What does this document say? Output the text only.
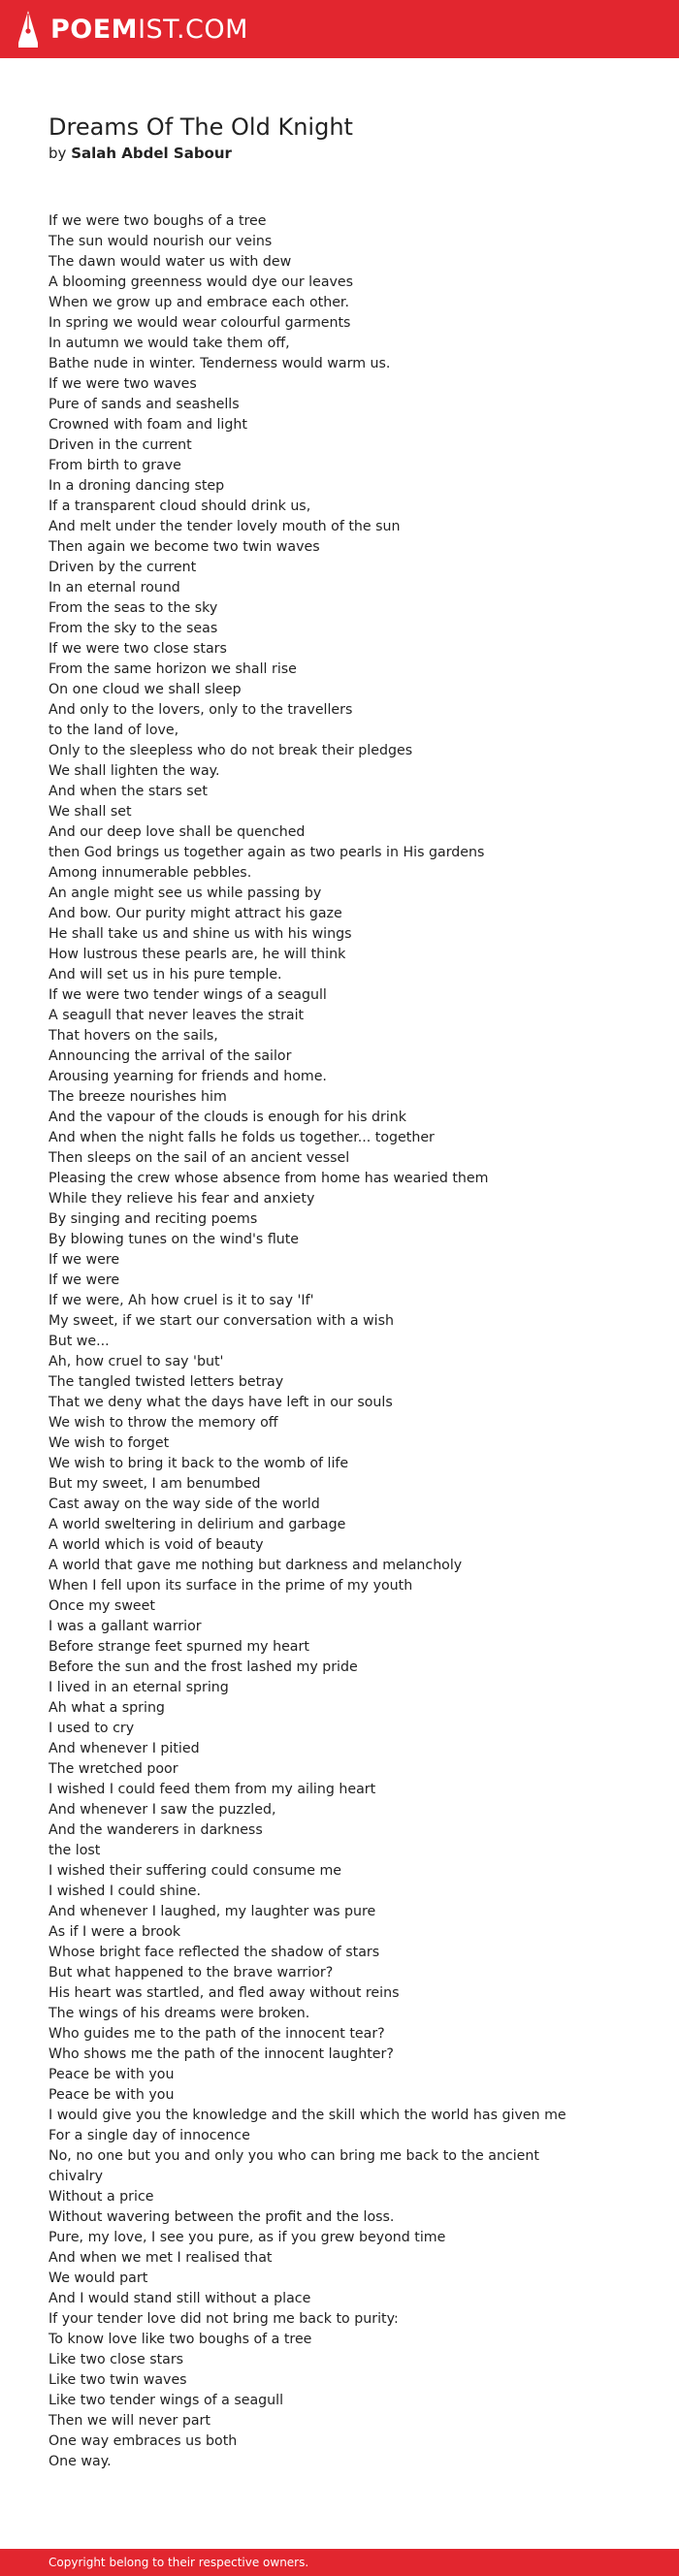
POEMIST.COM
Dreams Of The Old Knight
by Salah Abdel Sabour
If we were two boughs of a tree
The sun would nourish our veins
The dawn would water us with dew
A blooming greenness would dye our leaves
When we grow up and embrace each other.
In spring we would wear colourful garments
In autumn we would take them off,
Bathe nude in winter. Tenderness would warm us.
If we were two waves
Pure of sands and seashells
Crowned with foam and light
Driven in the current
From birth to grave
In a droning dancing step
If a transparent cloud should drink us,
And melt under the tender lovely mouth of the sun
Then again we become two twin waves
Driven by the current
In an eternal round
From the seas to the sky
From the sky to the seas
If we were two close stars
From the same horizon we shall rise
On one cloud we shall sleep
And only to the lovers, only to the travellers
to the land of love,
Only to the sleepless who do not break their pledges
We shall lighten the way.
And when the stars set
We shall set
And our deep love shall be quenched
then God brings us together again as two pearls in His gardens
Among innumerable pebbles.
An angle might see us while passing by
And bow. Our purity might attract his gaze
He shall take us and shine us with his wings
How lustrous these pearls are, he will think
And will set us in his pure temple.
If we were two tender wings of a seagull
A seagull that never leaves the strait
That hovers on the sails,
Announcing the arrival of the sailor
Arousing yearning for friends and home.
The breeze nourishes him
And the vapour of the clouds is enough for his drink
And when the night falls he folds us together... together
Then sleeps on the sail of an ancient vessel
Pleasing the crew whose absence from home has wearied them
While they relieve his fear and anxiety
By singing and reciting poems
By blowing tunes on the wind's flute
If we were
If we were
If we were, Ah how cruel is it to say 'If'
My sweet, if we start our conversation with a wish
But we...
Ah, how cruel to say 'but'
The tangled twisted letters betray
That we deny what the days have left in our souls
We wish to throw the memory off
We wish to forget
We wish to bring it back to the womb of life
But my sweet, I am benumbed
Cast away on the way side of the world
A world sweltering in delirium and garbage
A world which is void of beauty
A world that gave me nothing but darkness and melancholy
When I fell upon its surface in the prime of my youth
Once my sweet
I was a gallant warrior
Before strange feet spurned my heart
Before the sun and the frost lashed my pride
I lived in an eternal spring
Ah what a spring
I used to cry
And whenever I pitied
The wretched poor
I wished I could feed them from my ailing heart
And whenever I saw the puzzled,
And the wanderers in darkness
the lost
I wished their suffering could consume me
I wished I could shine.
And whenever I laughed, my laughter was pure
As if I were a brook
Whose bright face reflected the shadow of stars
But what happened to the brave warrior?
His heart was startled, and fled away without reins
The wings of his dreams were broken.
Who guides me to the path of the innocent tear?
Who shows me the path of the innocent laughter?
Peace be with you
Peace be with you
I would give you the knowledge and the skill which the world has given me
For a single day of innocence
No, no one but you and only you who can bring me back to the ancient
chivalry
Without a price
Without wavering between the profit and the loss.
Pure, my love, I see you pure, as if you grew beyond time
And when we met I realised that
We would part
And I would stand still without a place
If your tender love did not bring me back to purity:
To know love like two boughs of a tree
Like two close stars
Like two twin waves
Like two tender wings of a seagull
Then we will never part
One way embraces us both
One way.
Copyright belong to their respective owners.
